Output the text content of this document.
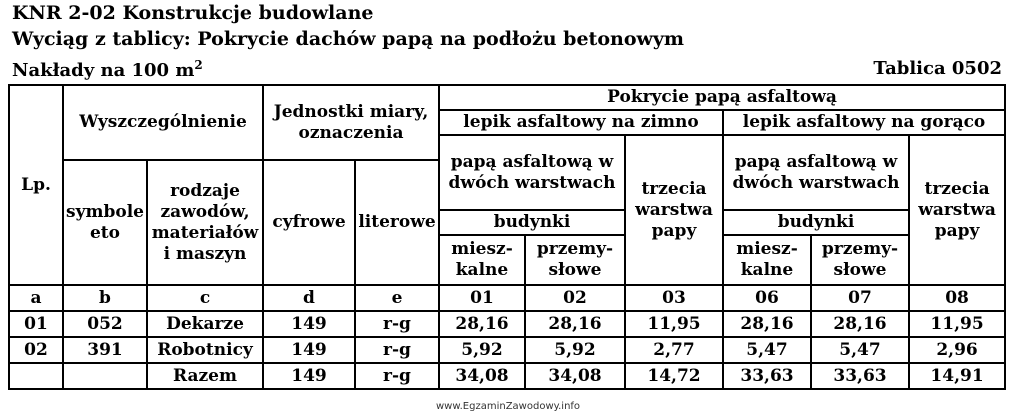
KNR 2-02 Konstrukcje budowlane
Wyciąg z tablicy: Pokrycie dachów papą na podłożu betonowym
Nakłady na 100 $m^2$	Tablica 0502
Lp.	Wyszczególnienie		Jednostki miary, oznaczenia		Pokrycie papą asfaltową					
					lepik asfaltowy na zimno			lepik asfaltowy na gorąco		
					papą asfaltową w dwóch warstwach		trzecia warstwa papy	papą asfaltową w dwóch warstwach		trzecia warstwa papy
	symbole eto	rodzaje zawodów, materiałów i maszyn	cyfrowe	literowe						
					budynki			budynki		
					miesz- kalne	przemy- słowe		miesz- kalne	przemy- słowe	
a	b	c	d	e	01	02	03	06	07	08
01	052	Dekarze	149	r-g	28,16	28,16	11,95	28,16	28,16	11,95
02	391	Robotnicy	149	r-g	5,92	5,92	2,77	5,47	5,47	2,96
		Razem	149	r-g	34,08	34,08	14,72	33,63	33,63	14,91
www.EgzaminZawodowy.info
